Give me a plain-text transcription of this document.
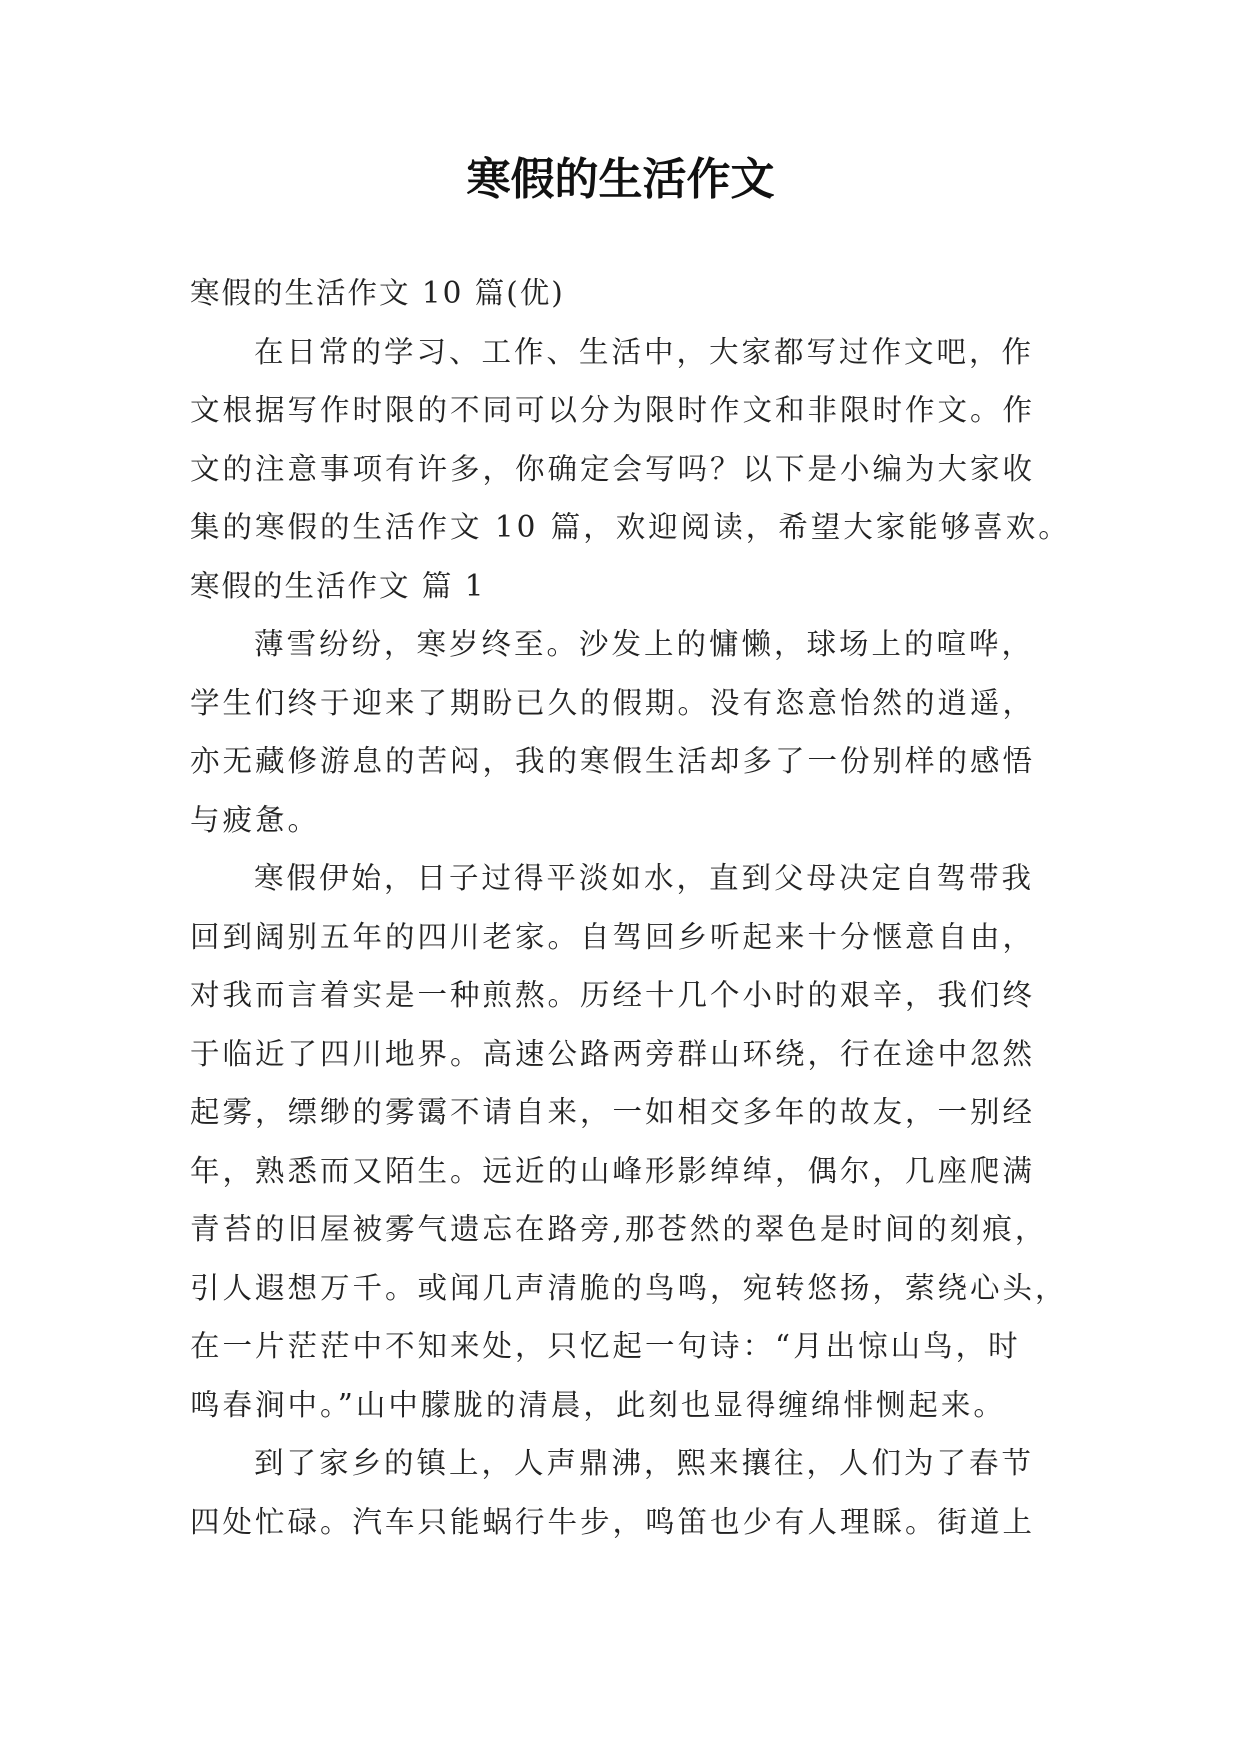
寒假的生活作文
寒假的生活作文 10 篇(优)
在日常的学习、工作、生活中，大家都写过作文吧，作
文根据写作时限的不同可以分为限时作文和非限时作文。作
文的注意事项有许多，你确定会写吗？以下是小编为大家收
集的寒假的生活作文 10 篇，欢迎阅读，希望大家能够喜欢。
寒假的生活作文 篇 1
薄雪纷纷，寒岁终至。沙发上的慵懒，球场上的喧哗，
学生们终于迎来了期盼已久的假期。没有恣意怡然的逍遥，
亦无藏修游息的苦闷，我的寒假生活却多了一份别样的感悟
与疲惫。
寒假伊始，日子过得平淡如水，直到父母决定自驾带我
回到阔别五年的四川老家。自驾回乡听起来十分惬意自由，
对我而言着实是一种煎熬。历经十几个小时的艰辛，我们终
于临近了四川地界。高速公路两旁群山环绕，行在途中忽然
起雾，缥缈的雾霭不请自来，一如相交多年的故友，一别经
年，熟悉而又陌生。远近的山峰形影绰绰，偶尔，几座爬满
青苔的旧屋被雾气遗忘在路旁,那苍然的翠色是时间的刻痕，
引人遐想万千。或闻几声清脆的鸟鸣，宛转悠扬，萦绕心头，
在一片茫茫中不知来处，只忆起一句诗：“月出惊山鸟，时
鸣春涧中。”山中朦胧的清晨，此刻也显得缠绵悱恻起来。
到了家乡的镇上，人声鼎沸，熙来攘往，人们为了春节
四处忙碌。汽车只能蜗行牛步，鸣笛也少有人理睬。街道上
